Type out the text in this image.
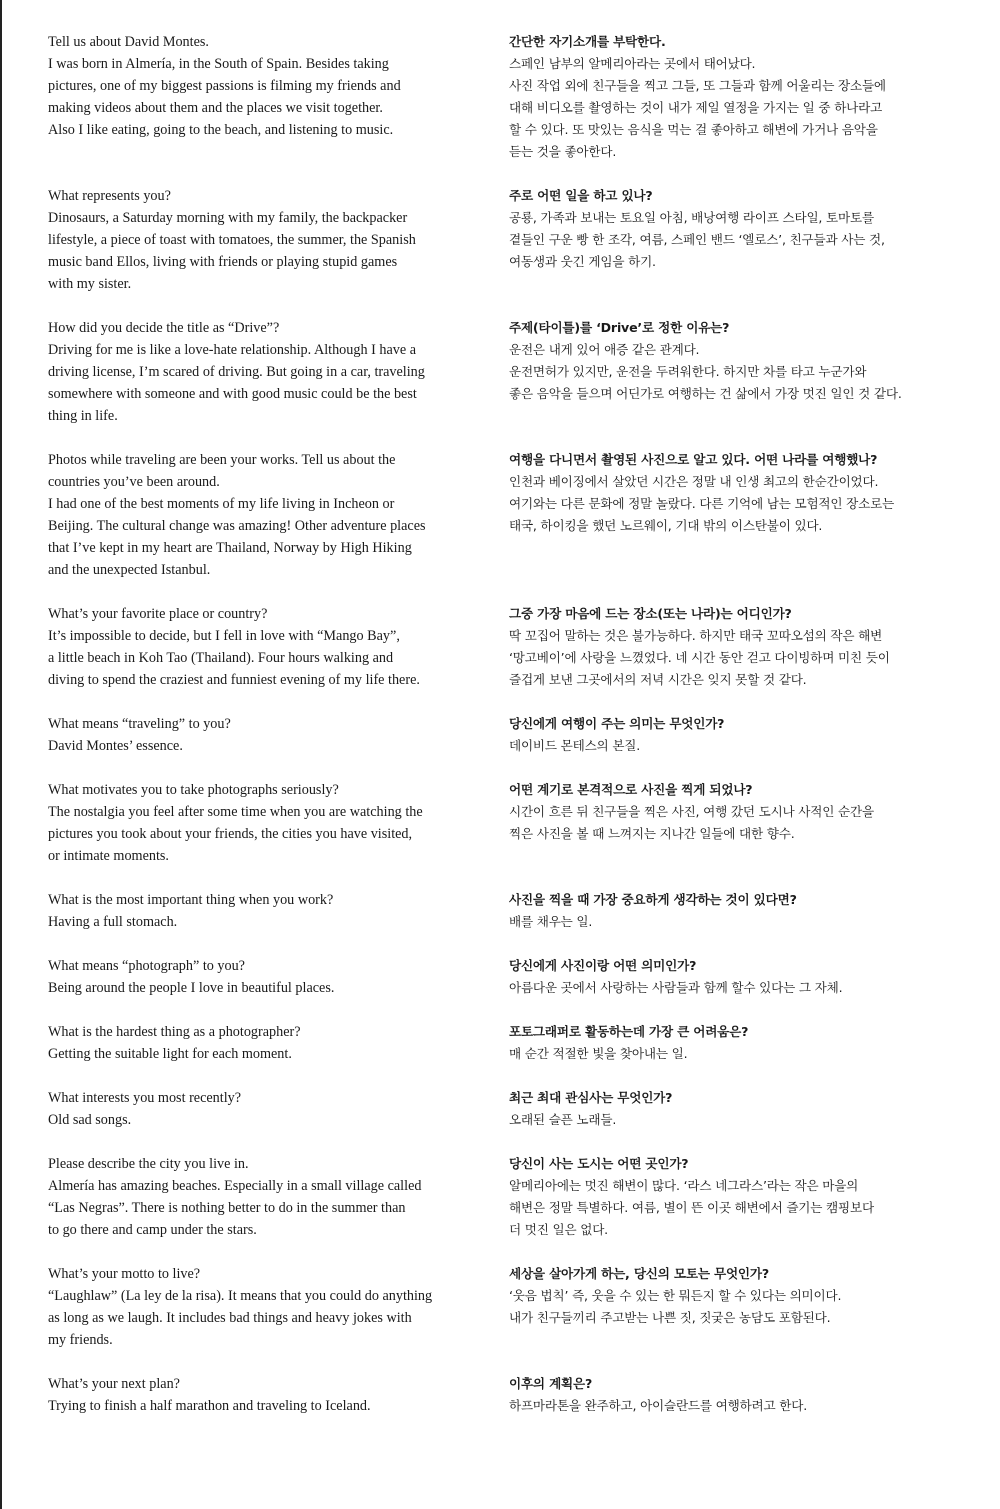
Tell us about David Montes.

I was born in Almería, in the South of Spain. Besides taking
pictures, one of my biggest passions is filming my friends and
making videos about them and the places we visit together.
Also I like eating, going to the beach, and listening to music.

What represents you?

Dinosaurs, a Saturday morning with my family, the backpacker
lifestyle, a piece of toast with tomatoes, the summer, the Spanish
music band Ellos, living with friends or playing stupid games
with my sister.

How did you decide the title as “Drive”?

Driving for me is like a love-hate relationship. Although I have a
driving license, I’m scared of driving. But going in a car, traveling
somewhere with someone and with good music could be the best
thing in life.

Photos while traveling are been your works. Tell us about the
countries you’ve been around.

I had one of the best moments of my life living in Incheon or
Beijing. The cultural change was amazing! Other adventure places
that I’ve kept in my heart are Thailand, Norway by High Hiking
and the unexpected Istanbul.

What’s your favorite place or country?

It’s impossible to decide, but I fell in love with “Mango Bay”,
a little beach in Koh Tao (Thailand). Four hours walking and
diving to spend the craziest and funniest evening of my life there.

What means “traveling” to you?

David Montes’ essence.

What motivates you to take photographs seriously?

The nostalgia you feel after some time when you are watching the
pictures you took about your friends, the cities you have visited,
or intimate moments.

What is the most important thing when you work?

Having a full stomach.

What means “photograph” to you?

Being around the people I love in beautiful places.

What is the hardest thing as a photographer?

Getting the suitable light for each moment.

What interests you most recently?

Old sad songs.

Please describe the city you live in.

Almería has amazing beaches. Especially in a small village called
“Las Negras”. There is nothing better to do in the summer than
to go there and camp under the stars.

What’s your motto to live?

“Laughlaw” (La ley de la risa). It means that you could do anything
as long as we laugh. It includes bad things and heavy jokes with
my friends.

What’s your next plan?

Trying to finish a half marathon and traveling to Iceland.

간단한 자기소개를 부탁한다.

스페인 남부의 알메리아라는 곳에서 태어났다.
사진 작업 외에 친구들을 찍고 그들, 또 그들과 함께 어울리는 장소들에
대해 비디오를 촬영하는 것이 내가 제일 열정을 가지는 일 중 하나라고
할 수 있다. 또 맛있는 음식을 먹는 걸 좋아하고 해변에 가거나 음악을
듣는 것을 좋아한다.

주로 어떤 일을 하고 있나?

공룡, 가족과 보내는 토요일 아침, 배낭여행 라이프 스타일, 토마토를
곁들인 구운 빵 한 조각, 여름, 스페인 밴드 ‘엘로스’, 친구들과 사는 것,
여동생과 웃긴 게임을 하기.

주제(타이틀)를 ‘Drive’로 정한 이유는?

운전은 내게 있어 애증 같은 관계다.
운전면허가 있지만, 운전을 두려워한다. 하지만 차를 타고 누군가와
좋은 음악을 들으며 어딘가로 여행하는 건 삶에서 가장 멋진 일인 것 같다.

여행을 다니면서 촬영된 사진으로 알고 있다. 어떤 나라를 여행했나?

인천과 베이징에서 살았던 시간은 정말 내 인생 최고의 한순간이었다.
여기와는 다른 문화에 정말 놀랐다. 다른 기억에 남는 모험적인 장소로는
태국, 하이킹을 했던 노르웨이, 기대 밖의 이스탄불이 있다.

그중 가장 마음에 드는 장소(또는 나라)는 어디인가?

딱 꼬집어 말하는 것은 불가능하다. 하지만 태국 꼬따오섬의 작은 해변
‘망고베이’에 사랑을 느꼈었다. 네 시간 동안 걷고 다이빙하며 미친 듯이
즐겁게 보낸 그곳에서의 저녁 시간은 잊지 못할 것 같다.

당신에게 여행이 주는 의미는 무엇인가?

데이비드 몬테스의 본질.

어떤 계기로 본격적으로 사진을 찍게 되었나?

시간이 흐른 뒤 친구들을 찍은 사진, 여행 갔던 도시나 사적인 순간을
찍은 사진을 볼 때 느껴지는 지나간 일들에 대한 향수.

사진을 찍을 때 가장 중요하게 생각하는 것이 있다면?

배를 채우는 일.

당신에게 사진이랑 어떤 의미인가?

아름다운 곳에서 사랑하는 사람들과 함께 할수 있다는 그 자체.

포토그래퍼로 활동하는데 가장 큰 어려움은?

매 순간 적절한 빛을 찾아내는 일.

최근 최대 관심사는 무엇인가?

오래된 슬픈 노래들.

당신이 사는 도시는 어떤 곳인가?

알메리아에는 멋진 해변이 많다. ‘라스 네그라스’라는 작은 마을의
해변은 정말 특별하다. 여름, 별이 뜬 이곳 해변에서 즐기는 캠핑보다
더 멋진 일은 없다.

세상을 살아가게 하는, 당신의 모토는 무엇인가?

‘웃음 법칙’ 즉, 웃을 수 있는 한 뭐든지 할 수 있다는 의미이다.
내가 친구들끼리 주고받는 나쁜 짓, 짓궂은 농담도 포함된다.

이후의 계획은?

하프마라톤을 완주하고, 아이슬란드를 여행하려고 한다.
